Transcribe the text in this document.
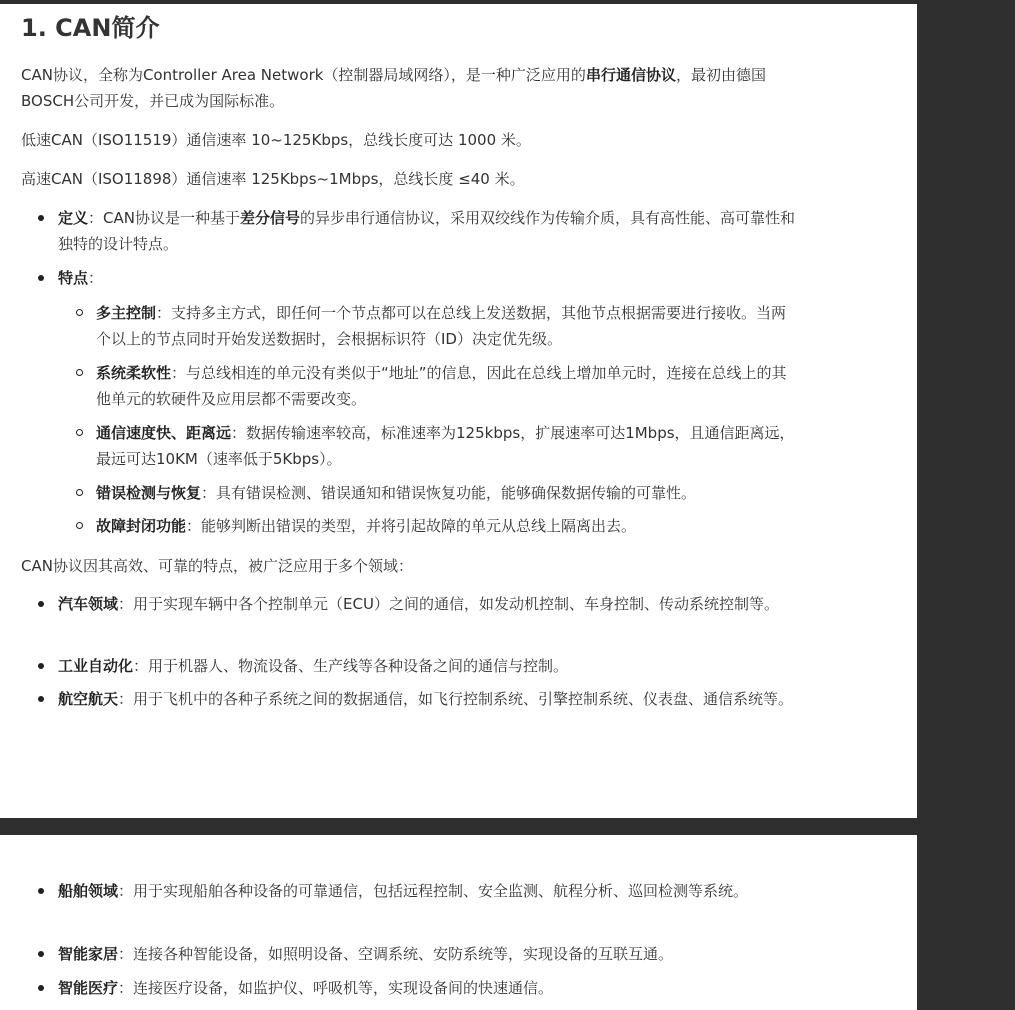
1. CAN简介

CAN协议，全称为Controller Area Network（控制器局域网络），是一种广泛应用的串行通信协议，最初由德国BOSCH公司开发，并已成为国际标准。

低速CAN（ISO11519）通信速率 10~125Kbps，总线长度可达 1000 米。

高速CAN（ISO11898）通信速率 125Kbps~1Mbps，总线长度 ≤40 米。

定义：CAN协议是一种基于差分信号的异步串行通信协议，采用双绞线作为传输介质，具有高性能、高可靠性和独特的设计特点。
特点：
多主控制：支持多主方式，即任何一个节点都可以在总线上发送数据，其他节点根据需要进行接收。当两个以上的节点同时开始发送数据时，会根据标识符（ID）决定优先级。
系统柔软性：与总线相连的单元没有类似于“地址”的信息，因此在总线上增加单元时，连接在总线上的其他单元的软硬件及应用层都不需要改变。
通信速度快、距离远：数据传输速率较高，标准速率为125kbps，扩展速率可达1Mbps，且通信距离远，最远可达10KM（速率低于5Kbps）。
错误检测与恢复：具有错误检测、错误通知和错误恢复功能，能够确保数据传输的可靠性。
故障封闭功能：能够判断出错误的类型，并将引起故障的单元从总线上隔离出去。

CAN协议因其高效、可靠的特点，被广泛应用于多个领域：

汽车领域：用于实现车辆中各个控制单元（ECU）之间的通信，如发动机控制、车身控制、传动系统控制等。
工业自动化：用于机器人、物流设备、生产线等各种设备之间的通信与控制。
航空航天：用于飞机中的各种子系统之间的数据通信，如飞行控制系统、引擎控制系统、仪表盘、通信系统等。
船舶领域：用于实现船舶各种设备的可靠通信，包括远程控制、安全监测、航程分析、巡回检测等系统。
智能家居：连接各种智能设备，如照明设备、空调系统、安防系统等，实现设备的互联互通。
智能医疗：连接医疗设备，如监护仪、呼吸机等，实现设备间的快速通信。
